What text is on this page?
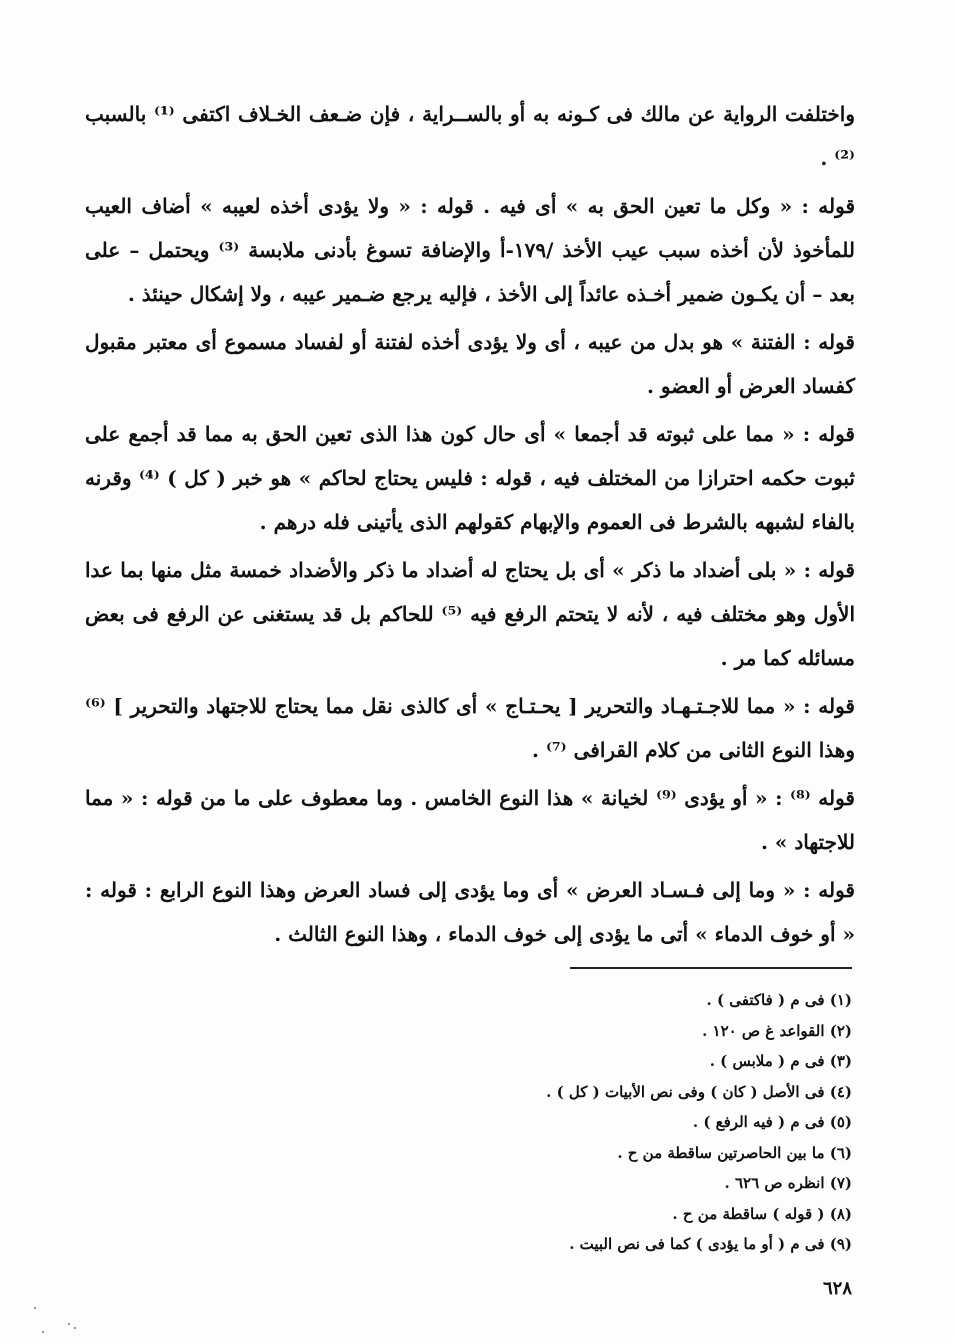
واختلفت الرواية عن مالك فى كـونه به أو بالســراية ، فإن ضـعف الخـلاف اكتفى ⁽¹⁾ بالسبب ⁽²⁾ .

قوله : « وكل ما تعين الحق به » أى فيه . قوله : « ولا يؤدى أخذه لعيبه » أضاف العيب للمأخوذ لأن أخذه سبب عيب الأخذ /١٧٩-أ والإضافة تسوغ بأدنى ملابسة ⁽³⁾ ويحتمل – على بعد – أن يكـون ضمير أخـذه عائداً إلى الأخذ ، فإليه يرجع ضـمير عيبه ، ولا إشكال حينئذ .

قوله : الفتنة » هو بدل من عيبه ، أى ولا يؤدى أخذه لفتنة أو لفساد مسموع أى معتبر مقبول كفساد العرض أو العضو .

قوله : « مما على ثبوته قد أجمعا » أى حال كون هذا الذى تعين الحق به مما قد أجمع على ثبوت حكمه احترازا من المختلف فيه ، قوله : فليس يحتاج لحاكم » هو خبر ( كل ) ⁽⁴⁾ وقرنه بالفاء لشبهه بالشرط فى العموم والإبهام كقولهم الذى يأتينى فله درهم .

قوله : « بلى أضداد ما ذكر » أى بل يحتاج له أضداد ما ذكر والأضداد خمسة مثل منها بما عدا الأول وهو مختلف فيه ، لأنه لا يتحتم الرفع فيه ⁽⁵⁾ للحاكم بل قد يستغنى عن الرفع فى بعض مسائله كما مر .

قوله : « مما للاجـتـهـاد والتحرير [ يحـتـاج » أى كالذى نقل مما يحتاج للاجتهاد والتحرير ] ⁽⁶⁾ وهذا النوع الثانى من كلام القرافى ⁽⁷⁾ .

قوله ⁽⁸⁾ : « أو يؤدى ⁽⁹⁾ لخيانة » هذا النوع الخامس . وما معطوف على ما من قوله : « مما للاجتهاد » .

قوله : « وما إلى فـسـاد العرض » أى وما يؤدى إلى فساد العرض وهذا النوع الرابع : قوله : « أو خوف الدماء » أتى ما يؤدى إلى خوف الدماء ، وهذا النوع الثالث .

(١) فى م ( فاكتفى ) .

(٢) القواعد غ ص ١٢٠ .

(٣) فى م ( ملابس ) .

(٤) فى الأصل ( كان ) وفى نص الأبيات ( كل ) .

(٥) فى م ( فيه الرفع ) .

(٦) ما بين الحاصرتين ساقطة من ح .

(٧) انظره ص ٦٢٦ .

(٨) ( قوله ) ساقطة من ح .

(٩) فى م ( أو ما يؤدى ) كما فى نص البيت .

٦٢٨
